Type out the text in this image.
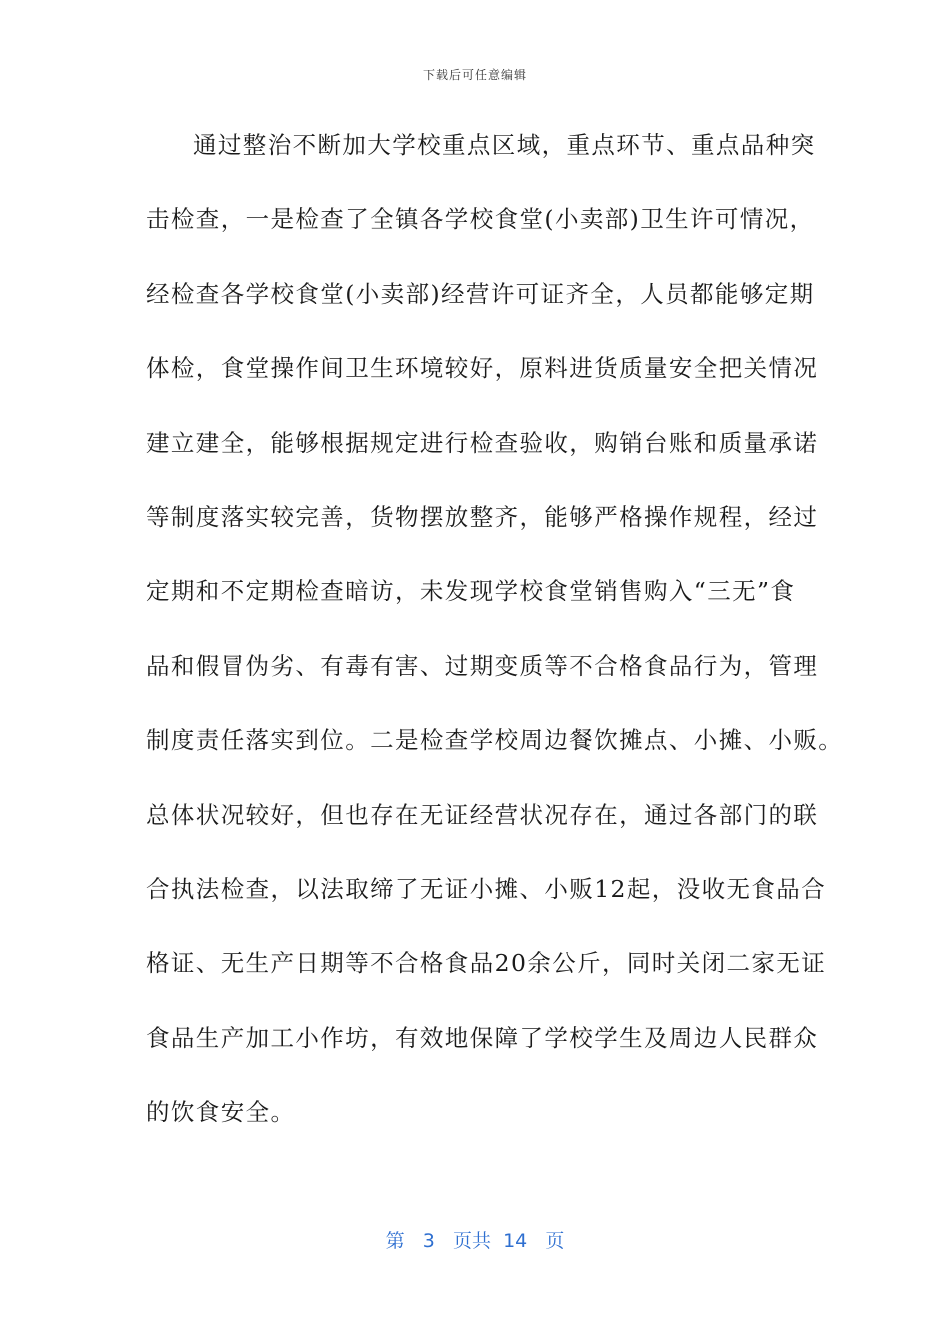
下载后可任意编辑
通过整治不断加大学校重点区域，重点环节、重点品种突
击检查，一是检查了全镇各学校食堂(小卖部)卫生许可情况，
经检查各学校食堂(小卖部)经营许可证齐全，人员都能够定期
体检，食堂操作间卫生环境较好，原料进货质量安全把关情况
建立建全，能够根据规定进行检查验收，购销台账和质量承诺
等制度落实较完善，货物摆放整齐，能够严格操作规程，经过
定期和不定期检查暗访，未发现学校食堂销售购入“三无”食
品和假冒伪劣、有毒有害、过期变质等不合格食品行为，管理
制度责任落实到位。二是检查学校周边餐饮摊点、小摊、小贩。
总体状况较好，但也存在无证经营状况存在，通过各部门的联
合执法检查，以法取缔了无证小摊、小贩12起，没收无食品合
格证、无生产日期等不合格食品20余公斤，同时关闭二家无证
食品生产加工小作坊，有效地保障了学校学生及周边人民群众
的饮食安全。
第 3 页共 14 页
